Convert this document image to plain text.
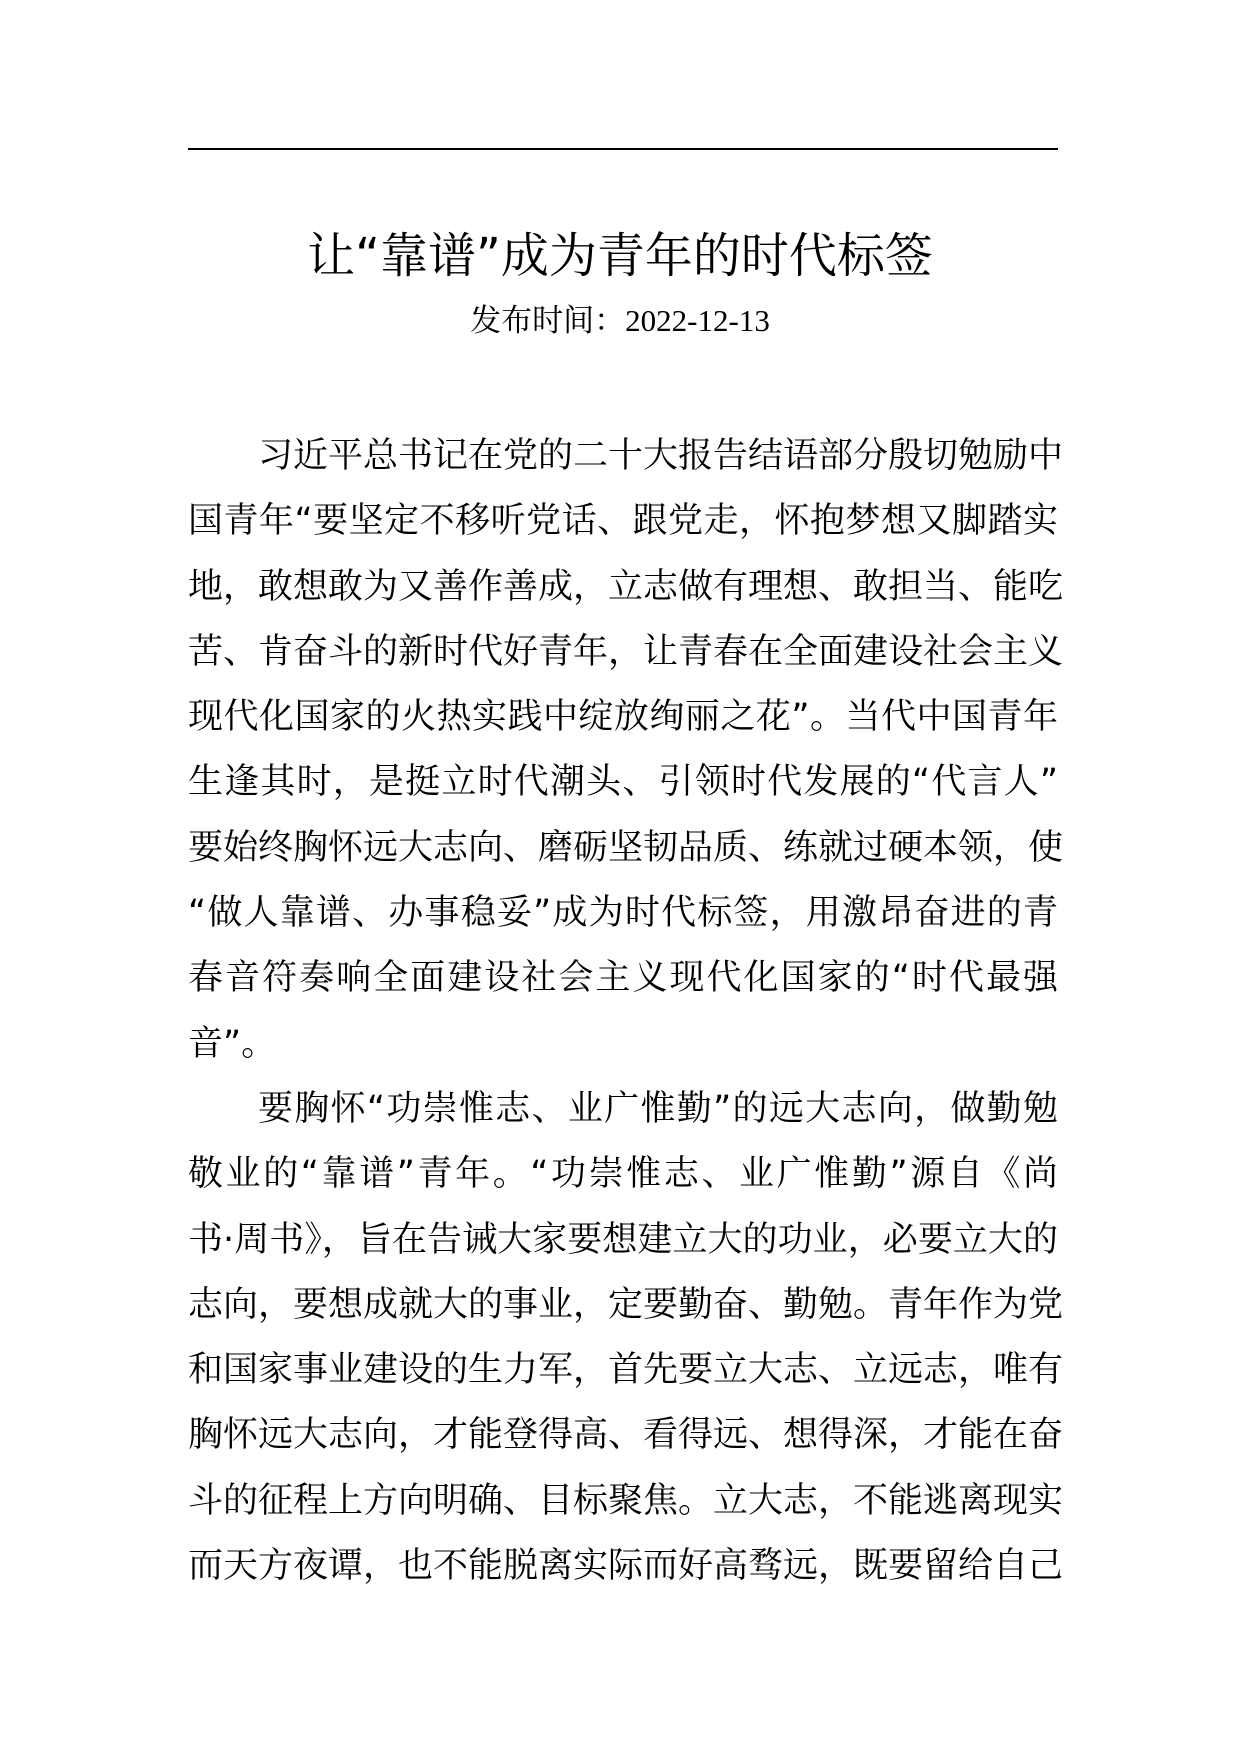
让“靠谱”成为青年的时代标签
发布时间：2022-12-13
习近平总书记在党的二十大报告结语部分殷切勉励中
国青年“要坚定不移听党话、跟党走，怀抱梦想又脚踏实
地，敢想敢为又善作善成，立志做有理想、敢担当、能吃
苦、肯奋斗的新时代好青年，让青春在全面建设社会主义
现代化国家的火热实践中绽放绚丽之花”。当代中国青年
生逢其时，是挺立时代潮头、引领时代发展的“代言人”
要始终胸怀远大志向、磨砺坚韧品质、练就过硬本领，使
“做人靠谱、办事稳妥”成为时代标签，用激昂奋进的青
春音符奏响全面建设社会主义现代化国家的“时代最强
音”。
要胸怀“功崇惟志、业广惟勤”的远大志向，做勤勉
敬业的“靠谱”青年。“功崇惟志、业广惟勤”源自《尚
书·周书》，旨在告诫大家要想建立大的功业，必要立大的
志向，要想成就大的事业，定要勤奋、勤勉。青年作为党
和国家事业建设的生力军，首先要立大志、立远志，唯有
胸怀远大志向，才能登得高、看得远、想得深，才能在奋
斗的征程上方向明确、目标聚焦。立大志，不能逃离现实
而天方夜谭，也不能脱离实际而好高骛远，既要留给自己
